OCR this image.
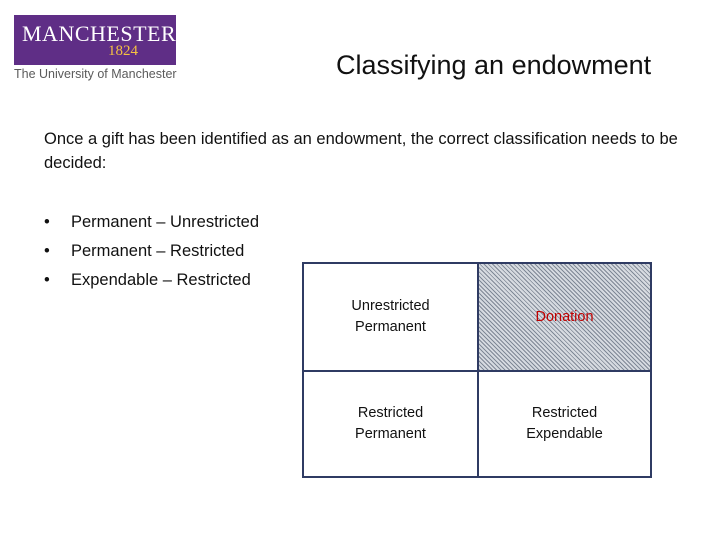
MANCHESTER
1824
The University of Manchester	Classifying an endowment

Once a gift has been identified as an endowment, the correct classification needs to be decided:

•	Permanent – Unrestricted
•	Permanent – Restricted
•	Expendable – Restricted
Unrestricted Permanent
Donation
Restricted Permanent
Restricted Expendable
